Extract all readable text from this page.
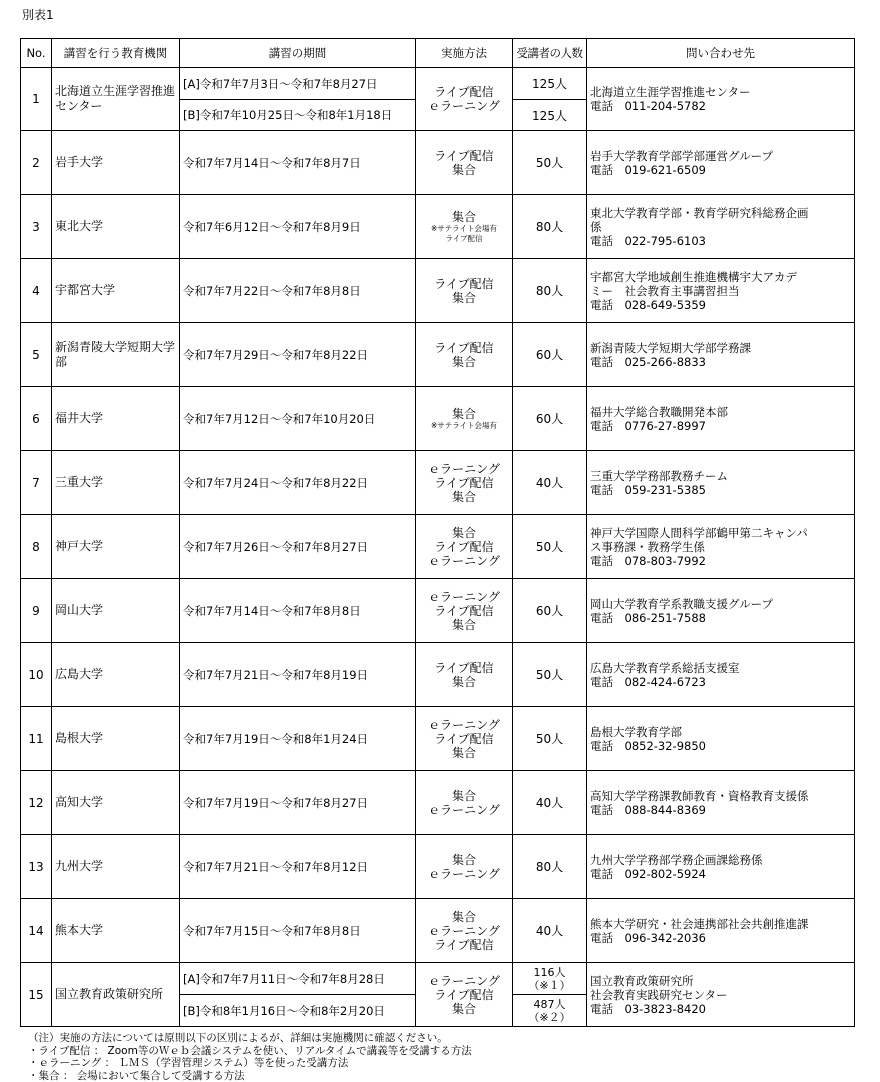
別表1
No.	講習を行う教育機関	講習の期間	実施方法	受講者の人数	問い合わせ先
1	北海道立生涯学習推進センター	[A]令和7年7月3日～令和7年8月27日	ライブ配信
ｅラーニング	125人	北海道立生涯学習推進センター
電話　011-204-5782

		[B]令和7年10月25日～令和8年1月18日		125人	
2	岩手大学	令和7年7月14日～令和7年8月7日	ライブ配信
集合	50人	岩手大学教育学部学部運営グループ
電話　019-621-6509

3	東北大学	令和7年6月12日～令和7年8月9日	集合
※サテライト会場有
ライブ配信	80人	東北大学教育学部・教育学研究科総務企画
係
電話　022-795-6103

4	宇都宮大学	令和7年7月22日～令和7年8月8日	ライブ配信
集合	80人	宇都宮大学地域創生推進機構宇大アカデ
ミー　社会教育主事講習担当
電話　028-649-5359

5	新潟青陵大学短期大学部	令和7年7月29日～令和7年8月22日	ライブ配信
集合	60人	新潟青陵大学短期大学部学務課
電話　025-266-8833

6	福井大学	令和7年7月12日～令和7年10月20日	集合
※サテライト会場有	60人	福井大学総合教職開発本部
電話　0776-27-8997

7	三重大学	令和7年7月24日～令和7年8月22日	ｅラーニング
ライブ配信
集合	40人	三重大学学務部教務チーム
電話　059-231-5385

8	神戸大学	令和7年7月26日～令和7年8月27日	集合
ライブ配信
ｅラーニング	50人	神戸大学国際人間科学部鶴甲第二キャンパ
ス事務課・教務学生係
電話　078-803-7992

9	岡山大学	令和7年7月14日～令和7年8月8日	ｅラーニング
ライブ配信
集合	60人	岡山大学教育学系教職支援グループ
電話　086-251-7588

10	広島大学	令和7年7月21日～令和7年8月19日	ライブ配信
集合	50人	広島大学教育学系総括支援室
電話　082-424-6723

11	島根大学	令和7年7月19日～令和8年1月24日	ｅラーニング
ライブ配信
集合	50人	島根大学教育学部
電話　0852-32-9850

12	高知大学	令和7年7月19日～令和7年8月27日	集合
ｅラーニング	40人	高知大学学務課教師教育・資格教育支援係
電話　088-844-8369

13	九州大学	令和7年7月21日～令和7年8月12日	集合
ｅラーニング	80人	九州大学学務部学務企画課総務係
電話　092-802-5924

14	熊本大学	令和7年7月15日～令和7年8月8日	集合
ｅラーニング
ライブ配信	40人	熊本大学研究・社会連携部社会共創推進課
電話　096-342-2036

15	国立教育政策研究所	[A]令和7年7月11日～令和7年8月28日	ｅラーニング
ライブ配信
集合	116人
（※１）	国立教育政策研究所
社会教育実践研究センター
電話　03-3823-8420

		[B]令和8年1月16日～令和8年2月20日		487人
（※２）	
（注）実施の方法については原則以下の区別によるが、詳細は実施機関に確認ください。
・ライブ配信 ： Zoom等のＷｅｂ会議システムを使い、リアルタイムで講義等を受講する方法
・ｅラーニング ： ＬＭＳ（学習管理システム）等を使った受講方法
・集合 ： 会場において集合して受講する方法
